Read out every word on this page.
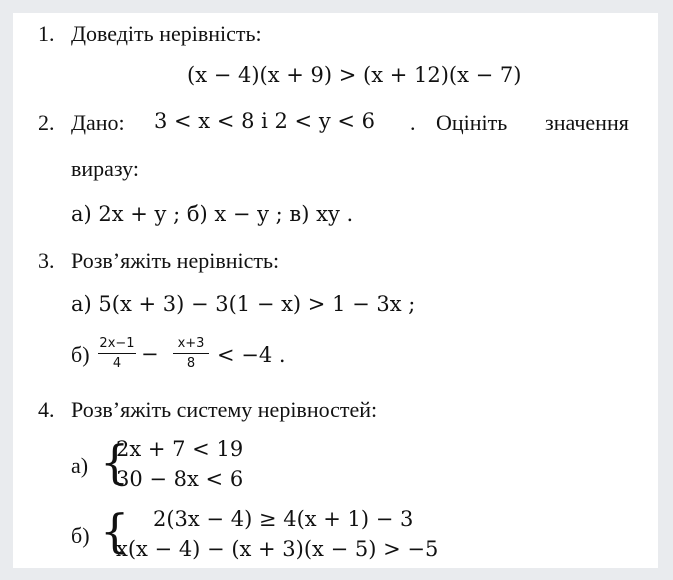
1. Доведіть нерівність:
(x − 4)(x + 9) > (x + 12)(x − 7)
2. Дано: 3 < x < 8 і 2 < y < 6 . Оцініть значення
виразу:
а) 2x + y ; б) x − y ; в) xy .
3. Розв’яжіть нерівність:
а) 5(x + 3) − 3(1 − x) > 1 − 3x ;
б) 2x−1
4 −	x+3
8	< −4 .
4. Розв’яжіть систему нерівностей:
а) {
2x + 7 < 19
30 − 8x < 6
б) { 2(3x − 4) ≥ 4(x + 1) − 3
x(x − 4) − (x + 3)(x − 5) > −5
